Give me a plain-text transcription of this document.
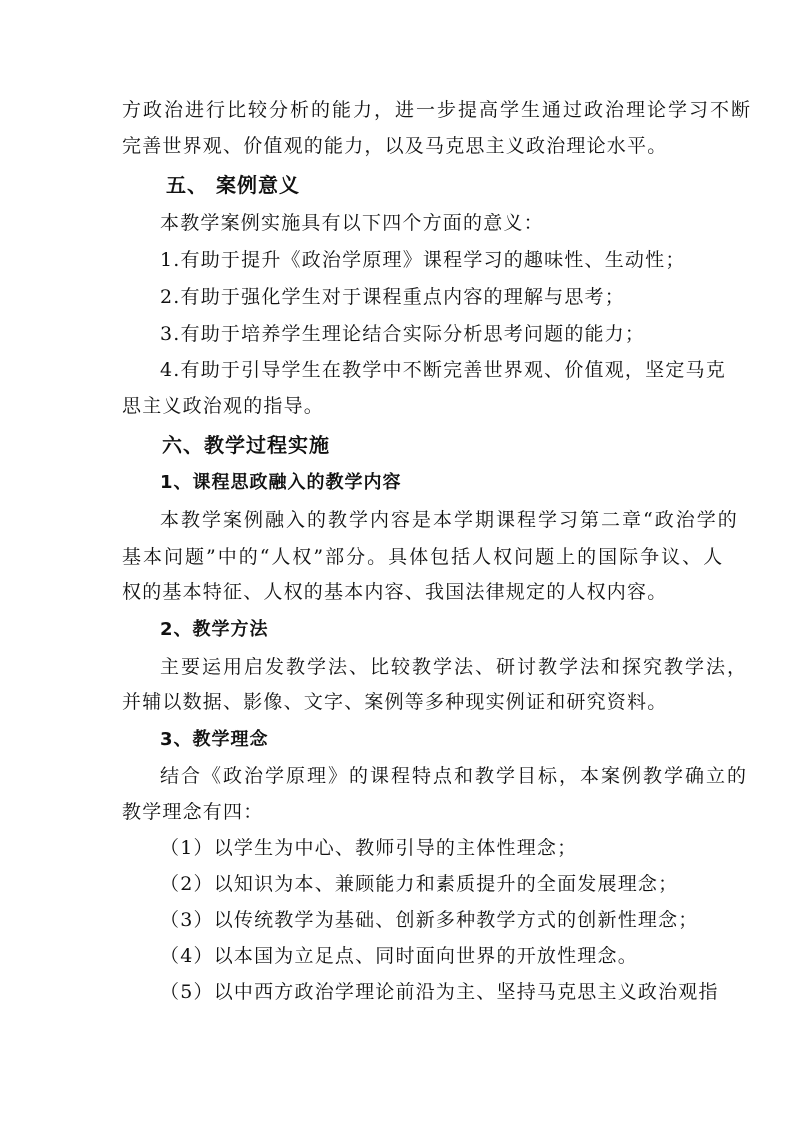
方政治进行比较分析的能力，进一步提高学生通过政治理论学习不断
完善世界观、价值观的能力，以及马克思主义政治理论水平。
五、 案例意义
本教学案例实施具有以下四个方面的意义：
1.有助于提升《政治学原理》课程学习的趣味性、生动性；
2.有助于强化学生对于课程重点内容的理解与思考；
3.有助于培养学生理论结合实际分析思考问题的能力；
4.有助于引导学生在教学中不断完善世界观、价值观，坚定马克
思主义政治观的指导。
六、教学过程实施
1、课程思政融入的教学内容
本教学案例融入的教学内容是本学期课程学习第二章“政治学的
基本问题”中的“人权”部分。具体包括人权问题上的国际争议、人
权的基本特征、人权的基本内容、我国法律规定的人权内容。
2、教学方法
主要运用启发教学法、比较教学法、研讨教学法和探究教学法，
并辅以数据、影像、文字、案例等多种现实例证和研究资料。
3、教学理念
结合《政治学原理》的课程特点和教学目标，本案例教学确立的
教学理念有四：
（1）以学生为中心、教师引导的主体性理念；
（2）以知识为本、兼顾能力和素质提升的全面发展理念；
（3）以传统教学为基础、创新多种教学方式的创新性理念；
（4）以本国为立足点、同时面向世界的开放性理念。
（5）以中西方政治学理论前沿为主、坚持马克思主义政治观指
